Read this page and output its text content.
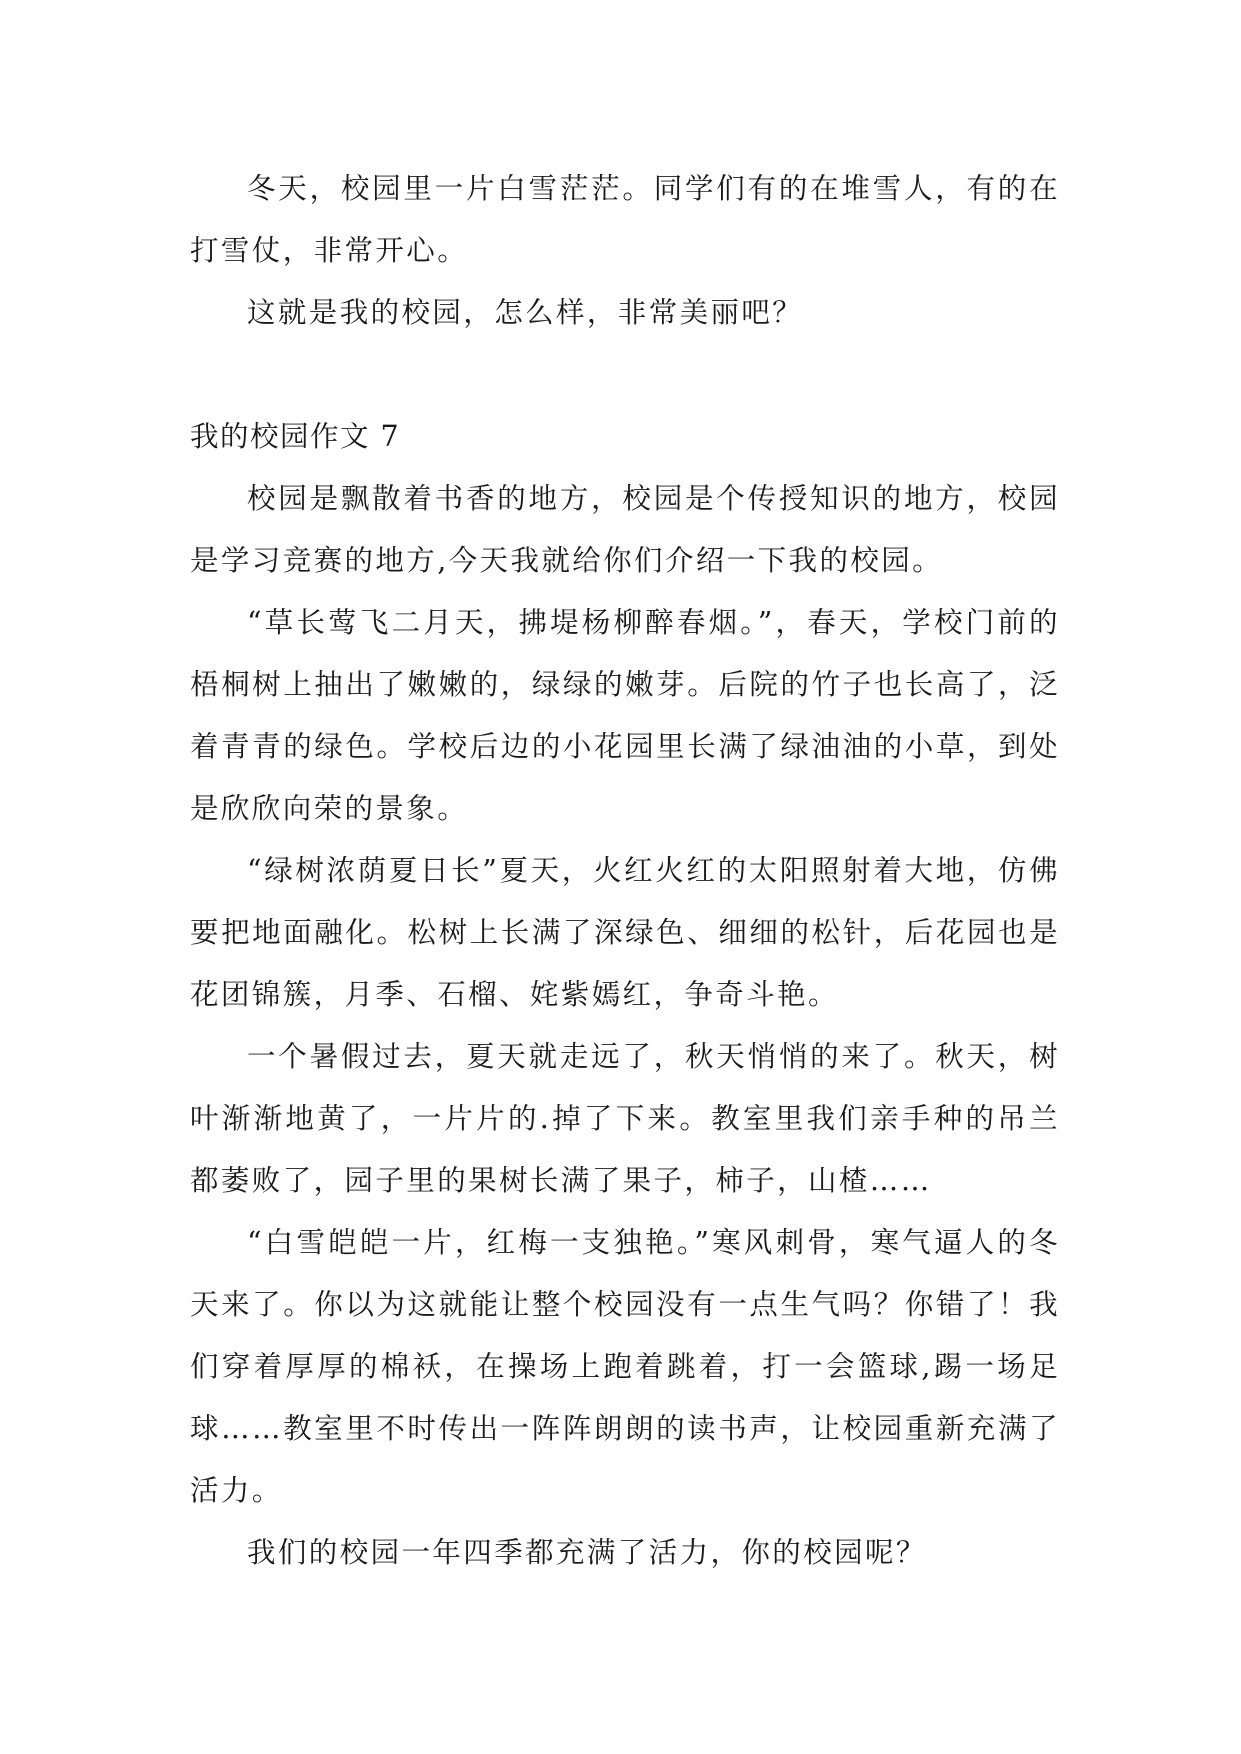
冬天，校园里一片白雪茫茫。同学们有的在堆雪人，有的在打雪仗，非常开心。

这就是我的校园，怎么样，非常美丽吧？

我的校园作文 7

校园是飘散着书香的地方，校园是个传授知识的地方，校园是学习竞赛的地方,今天我就给你们介绍一下我的校园。

“草长莺飞二月天，拂堤杨柳醉春烟。”，春天，学校门前的梧桐树上抽出了嫩嫩的，绿绿的嫩芽。后院的竹子也长高了，泛着青青的绿色。学校后边的小花园里长满了绿油油的小草，到处是欣欣向荣的景象。

“绿树浓荫夏日长”夏天，火红火红的太阳照射着大地，仿佛要把地面融化。松树上长满了深绿色、细细的松针，后花园也是花团锦簇，月季、石榴、姹紫嫣红，争奇斗艳。

一个暑假过去，夏天就走远了，秋天悄悄的来了。秋天，树叶渐渐地黄了，一片片的.掉了下来。教室里我们亲手种的吊兰都萎败了，园子里的果树长满了果子，柿子，山楂……

“白雪皑皑一片，红梅一支独艳。”寒风刺骨，寒气逼人的冬天来了。你以为这就能让整个校园没有一点生气吗？你错了！我们穿着厚厚的棉袄，在操场上跑着跳着，打一会篮球,踢一场足球……教室里不时传出一阵阵朗朗的读书声，让校园重新充满了活力。

我们的校园一年四季都充满了活力，你的校园呢？
